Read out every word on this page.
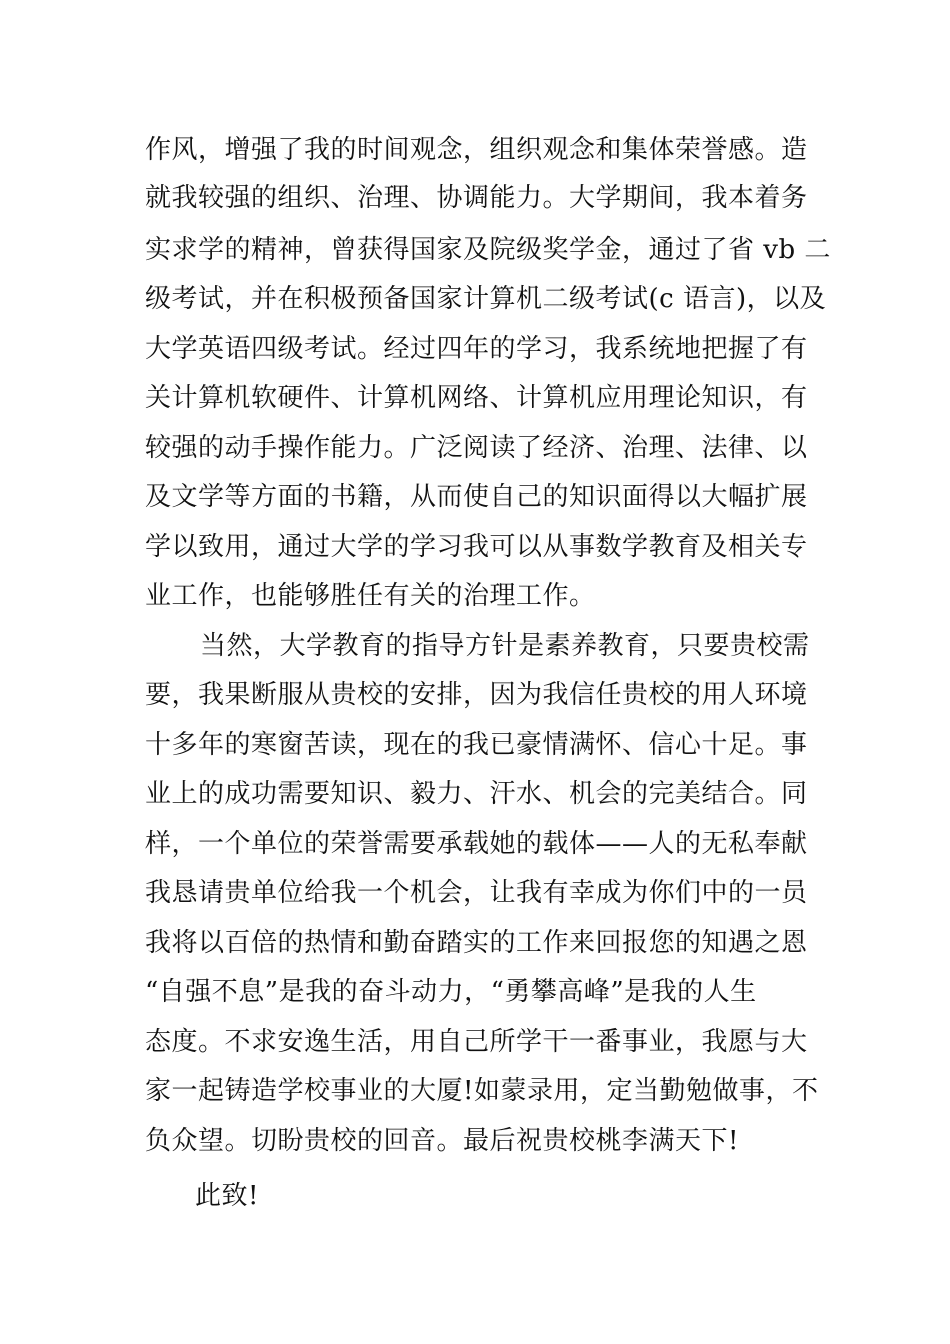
作风，增强了我的时间观念，组织观念和集体荣誉感。造
就我较强的组织、治理、协调能力。大学期间，我本着务
实求学的精神，曾获得国家及院级奖学金，通过了省 vb 二
级考试，并在积极预备国家计算机二级考试(c 语言)，以及
大学英语四级考试。经过四年的学习，我系统地把握了有
关计算机软硬件、计算机网络、计算机应用理论知识，有
较强的动手操作能力。广泛阅读了经济、治理、法律、以
及文学等方面的书籍，从而使自己的知识面得以大幅扩展
学以致用，通过大学的学习我可以从事数学教育及相关专
业工作，也能够胜任有关的治理工作。
当然，大学教育的指导方针是素养教育，只要贵校需
要，我果断服从贵校的安排，因为我信任贵校的用人环境
十多年的寒窗苦读，现在的我已豪情满怀、信心十足。事
业上的成功需要知识、毅力、汗水、机会的完美结合。同
样，一个单位的荣誉需要承载她的载体——人的无私奉献
我恳请贵单位给我一个机会，让我有幸成为你们中的一员
我将以百倍的热情和勤奋踏实的工作来回报您的知遇之恩
“自强不息”是我的奋斗动力，“勇攀高峰”是我的人生
态度。不求安逸生活，用自己所学干一番事业，我愿与大
家一起铸造学校事业的大厦!如蒙录用，定当勤勉做事，不
负众望。切盼贵校的回音。最后祝贵校桃李满天下!
此致!
